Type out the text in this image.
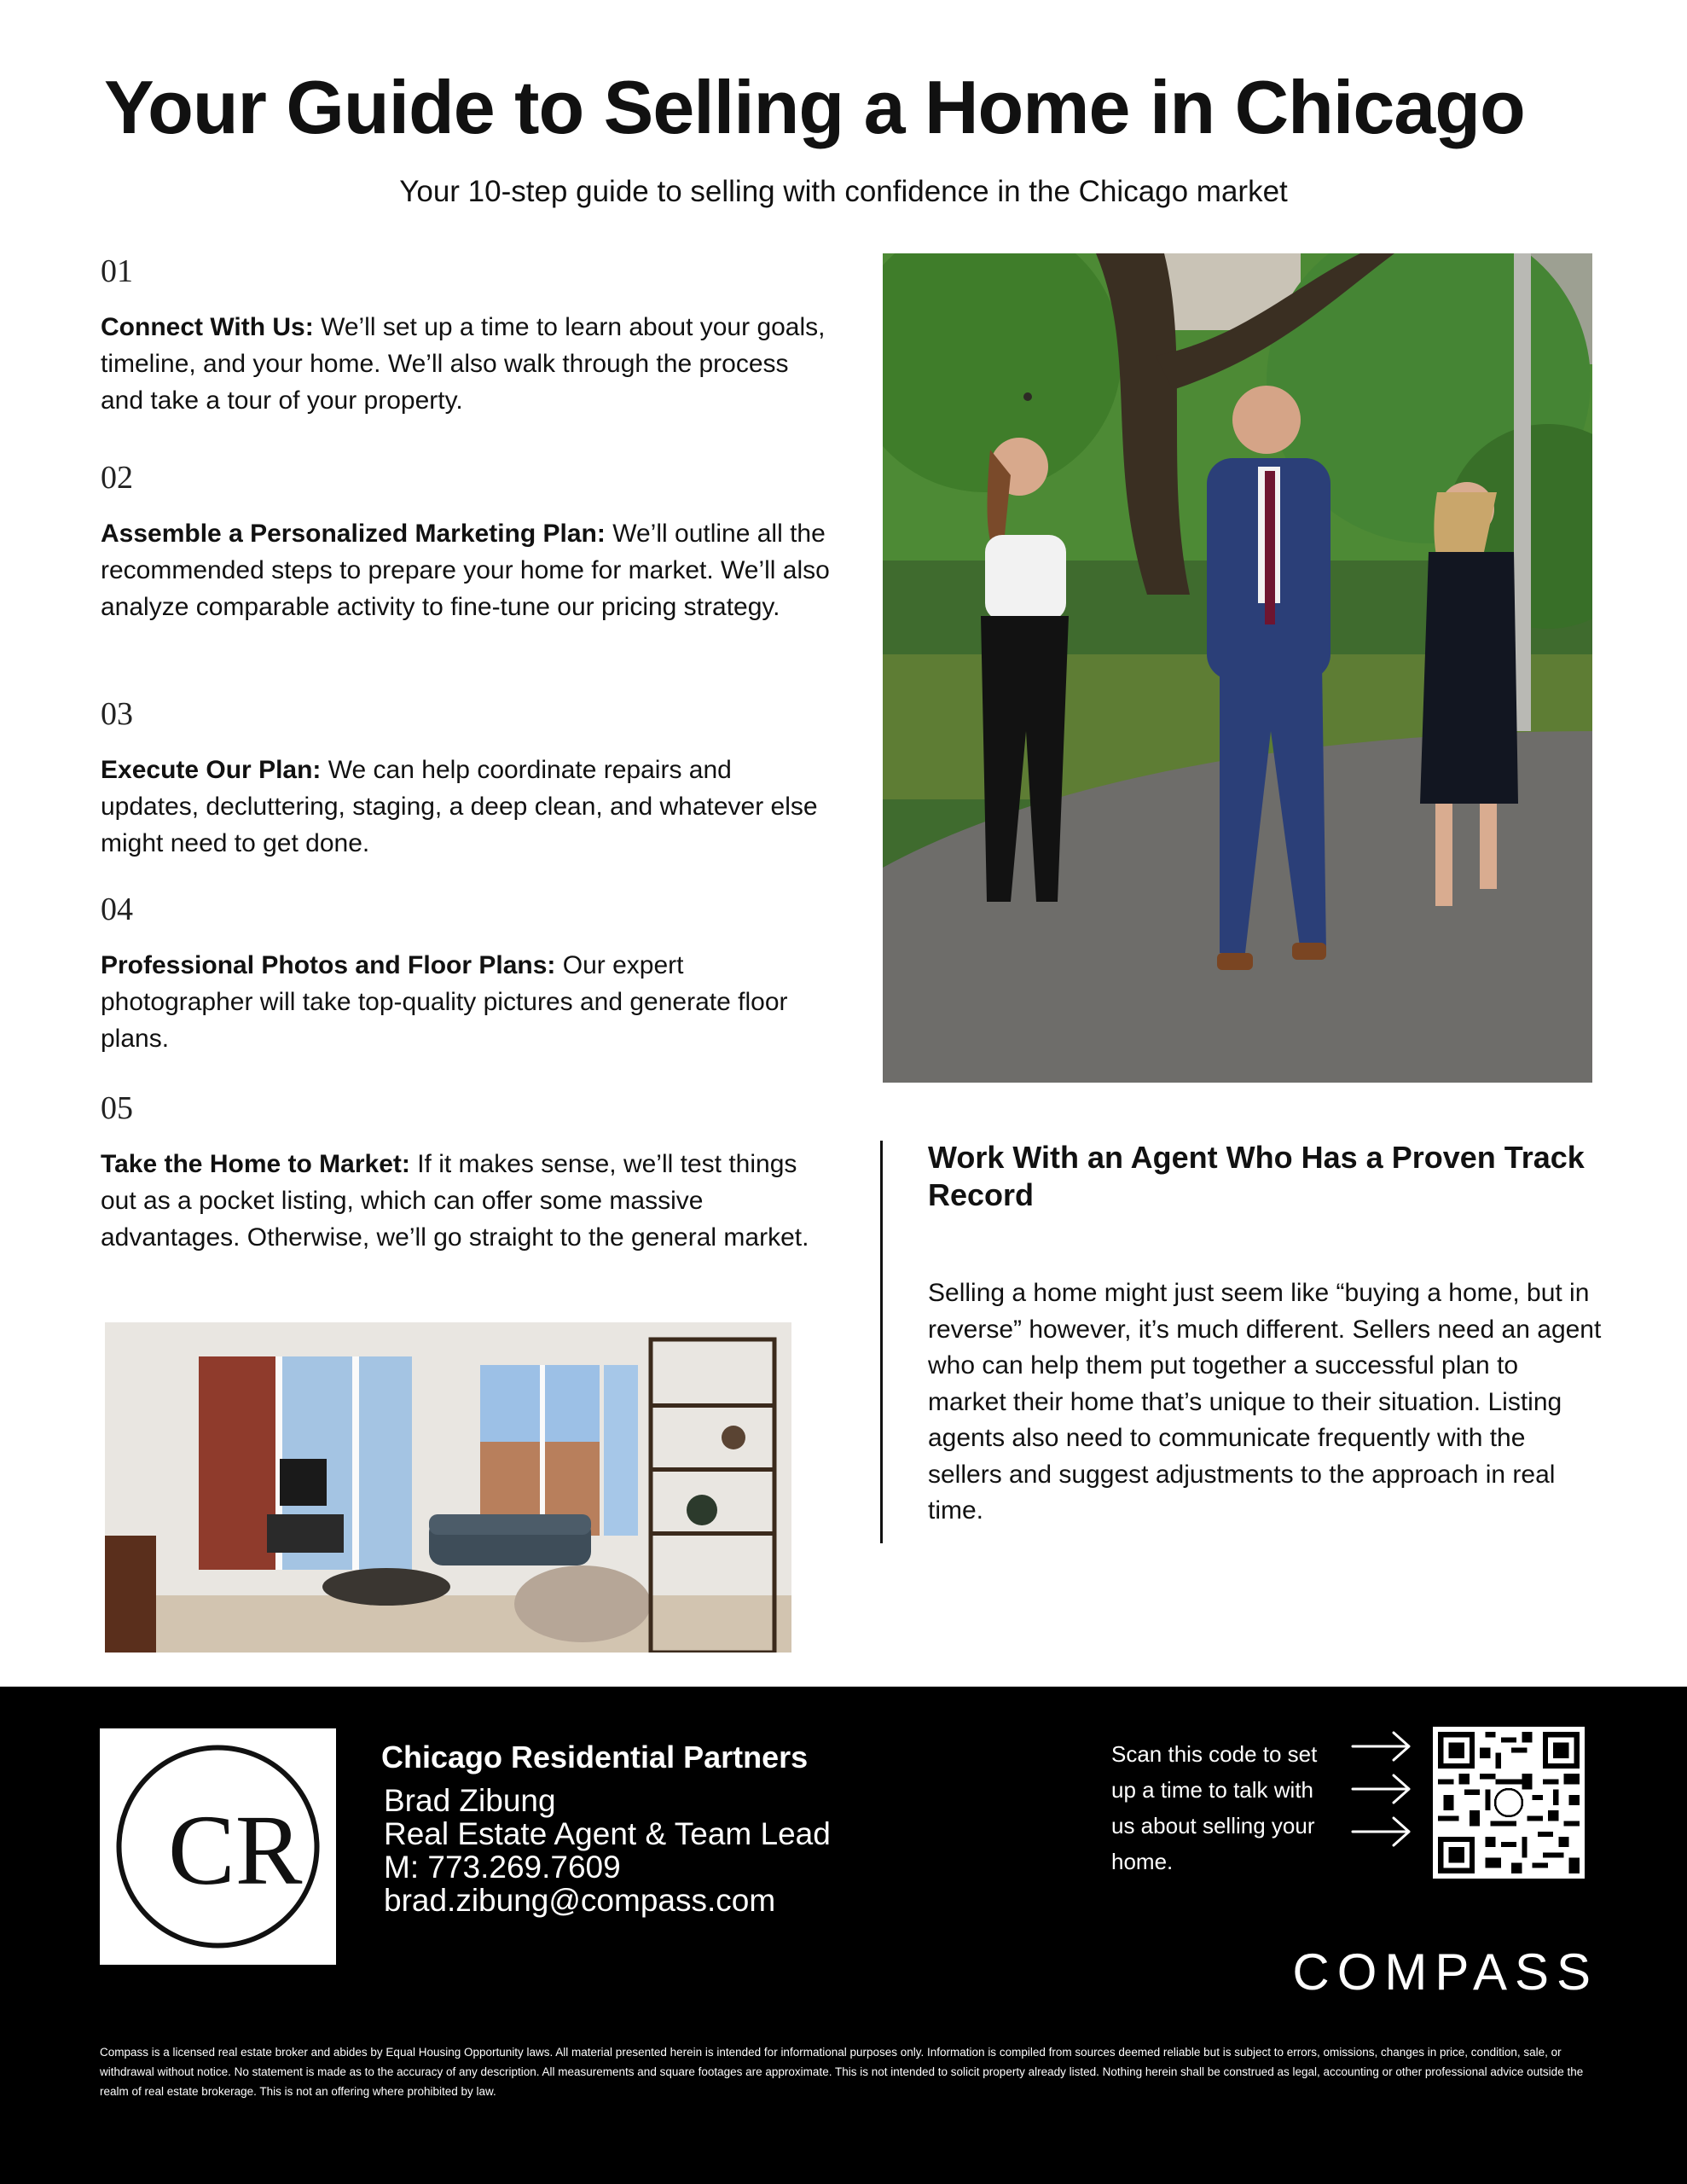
Your Guide to Selling a Home in Chicago
Your 10-step guide to selling with confidence in the Chicago market
01
Connect With Us: We’ll set up a time to learn about your goals, timeline, and your home. We’ll also walk through the process and take a tour of your property.
02
Assemble a Personalized Marketing Plan: We’ll outline all the recommended steps to prepare your home for market. We’ll also analyze comparable activity to fine-tune our pricing strategy.
03
Execute Our Plan: We can help coordinate repairs and updates, decluttering, staging, a deep clean, and whatever else might need to get done.
04
Professional Photos and Floor Plans: Our expert photographer will take top-quality pictures and generate floor plans.
05
Take the Home to Market: If it makes sense, we’ll test things out as a pocket listing, which can offer some massive advantages. Otherwise, we’ll go straight to the general market.
Work With an Agent Who Has a Proven Track Record

Selling a home might just seem like “buying a home, but in reverse” however, it’s much different. Sellers need an agent who can help them put together a successful plan to market their home that’s unique to their situation. Listing agents also need to communicate frequently with the sellers and suggest adjustments to the approach in real time.

CR
Chicago Residential Partners
Brad Zibung
Real Estate Agent & Team Lead
M: 773.269.7609
brad.zibung@compass.com
Scan this code to set up a time to talk with us about selling your home.
COMPASS

Compass is a licensed real estate broker and abides by Equal Housing Opportunity laws. All material presented herein is intended for informational purposes only. Information is compiled from sources deemed reliable but is subject to errors, omissions, changes in price, condition, sale, or withdrawal without notice. No statement is made as to the accuracy of any description. All measurements and square footages are approximate. This is not intended to solicit property already listed. Nothing herein shall be construed as legal, accounting or other professional advice outside the realm of real estate brokerage. This is not an offering where prohibited by law.
